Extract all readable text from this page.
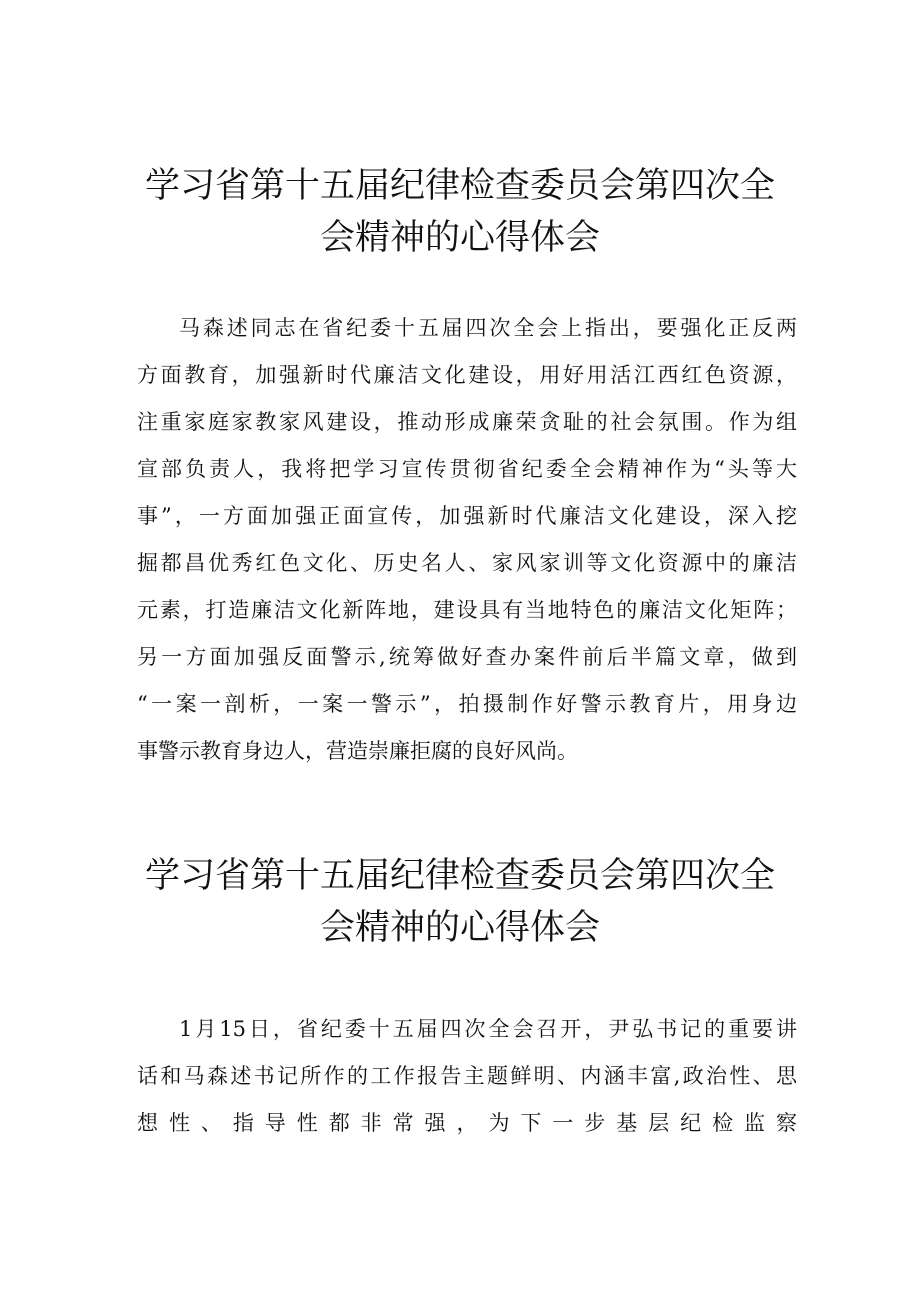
学习省第十五届纪律检查委员会第四次全
会精神的心得体会
马森述同志在省纪委十五届四次全会上指出，要强化正反两
方面教育，加强新时代廉洁文化建设，用好用活江西红色资源，
注重家庭家教家风建设，推动形成廉荣贪耻的社会氛围。作为组
宣部负责人，我将把学习宣传贯彻省纪委全会精神作为“头等大
事”，一方面加强正面宣传，加强新时代廉洁文化建设，深入挖
掘都昌优秀红色文化、历史名人、家风家训等文化资源中的廉洁
元素，打造廉洁文化新阵地，建设具有当地特色的廉洁文化矩阵；
另一方面加强反面警示,统筹做好查办案件前后半篇文章，做到
“一案一剖析，一案一警示”，拍摄制作好警示教育片，用身边
事警示教育身边人，营造崇廉拒腐的良好风尚。
学习省第十五届纪律检查委员会第四次全
会精神的心得体会
1月15日，省纪委十五届四次全会召开，尹弘书记的重要讲
话和马森述书记所作的工作报告主题鲜明、内涵丰富,政治性、思
想性、指导性都非常强，为下一步基层纪检监察
